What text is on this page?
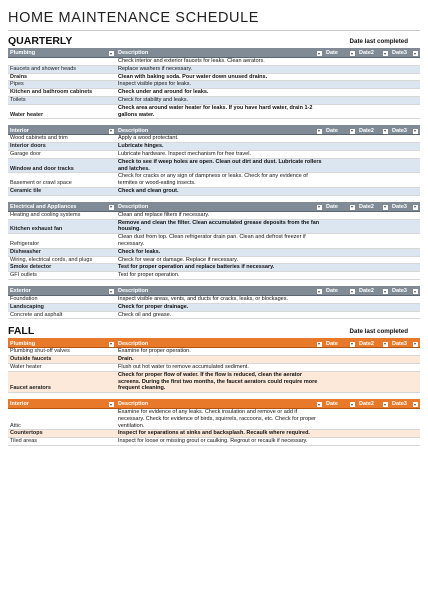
HOME MAINTENANCE SCHEDULE
QUARTERLY	Date last completed
Plumbing	Description	Date	Date2	Date3

	Check interior and exterior faucets for leaks. Clean aerators.			
Faucets and shower heads	Replace washers if necessary.			
Drains	Clean with baking soda. Pour water down unused drains.			
Pipes	Inspect visible pipes for leaks.			
Kitchen and bathroom cabinets	Check under and around for leaks.			
Toilets	Check for stability and leaks.			
Water heater	Check area around water heater for leaks. If you have hard water, drain 1-2 gallons water.			
Interior	Description	Date	Date2	Date3

Wood cabinets and trim	Apply a wood protectant.			
Interior doors	Lubricate hinges.			
Garage door	Lubricate hardware. Inspect mechanism for free travel.			
Window and door tracks	Check to see if weep holes are open. Clean out dirt and dust. Lubricate rollers and latches.			
Basement or crawl space	Check for cracks or any sign of dampness or leaks. Check for any evidence of termites or wood-eating insects.			
Ceramic tile	Check and clean grout.			
Electrical and Appliances	Description	Date	Date2	Date3

Heating and cooling systems	Clean and replace filters if necessary.			
Kitchen exhaust fan	Remove and clean the filter. Clean accumulated grease deposits from the fan housing.			
Refrigerator	Clean dust from top. Clean refrigerator drain pan. Clean and defrost freezer if necessary.			
Dishwasher	Check for leaks.			
Wiring, electrical cords, and plugs	Check for wear or damage. Replace if necessary.			
Smoke detector	Test for proper operation and replace batteries if necessary.			
GFI outlets	Test for proper operation.			
Exterior	Description	Date	Date2	Date3

Foundation	Inspect visible areas, vents, and ducts for cracks, leaks, or blockages.			
Landscaping	Check for proper drainage.			
Concrete and asphalt	Check oil and grease.			
FALL	Date last completed
Plumbing	Description	Date	Date2	Date3

Plumbing shut-off valves	Examine for proper operation.			
Outside faucets	Drain.			
Water heater	Flush out hot water to remove accumulated sediment.			
Faucet aerators	Check for proper flow of water. If the flow is reduced, clean the aerator screens. During the first two months, the faucet aerators could require more frequent cleaning.			
Interior	Description	Date	Date2	Date3

Attic	Examine for evidence of any leaks. Check insulation and remove or add if necessary. Check for evidence of birds, squirrels, raccoons, etc. Check for proper ventilation.			
Countertops	Inspect for separations at sinks and backsplash. Recaulk where required.			
Tiled areas	Inspect for loose or missing grout or caulking. Regrout or recaulk if necessary.			
